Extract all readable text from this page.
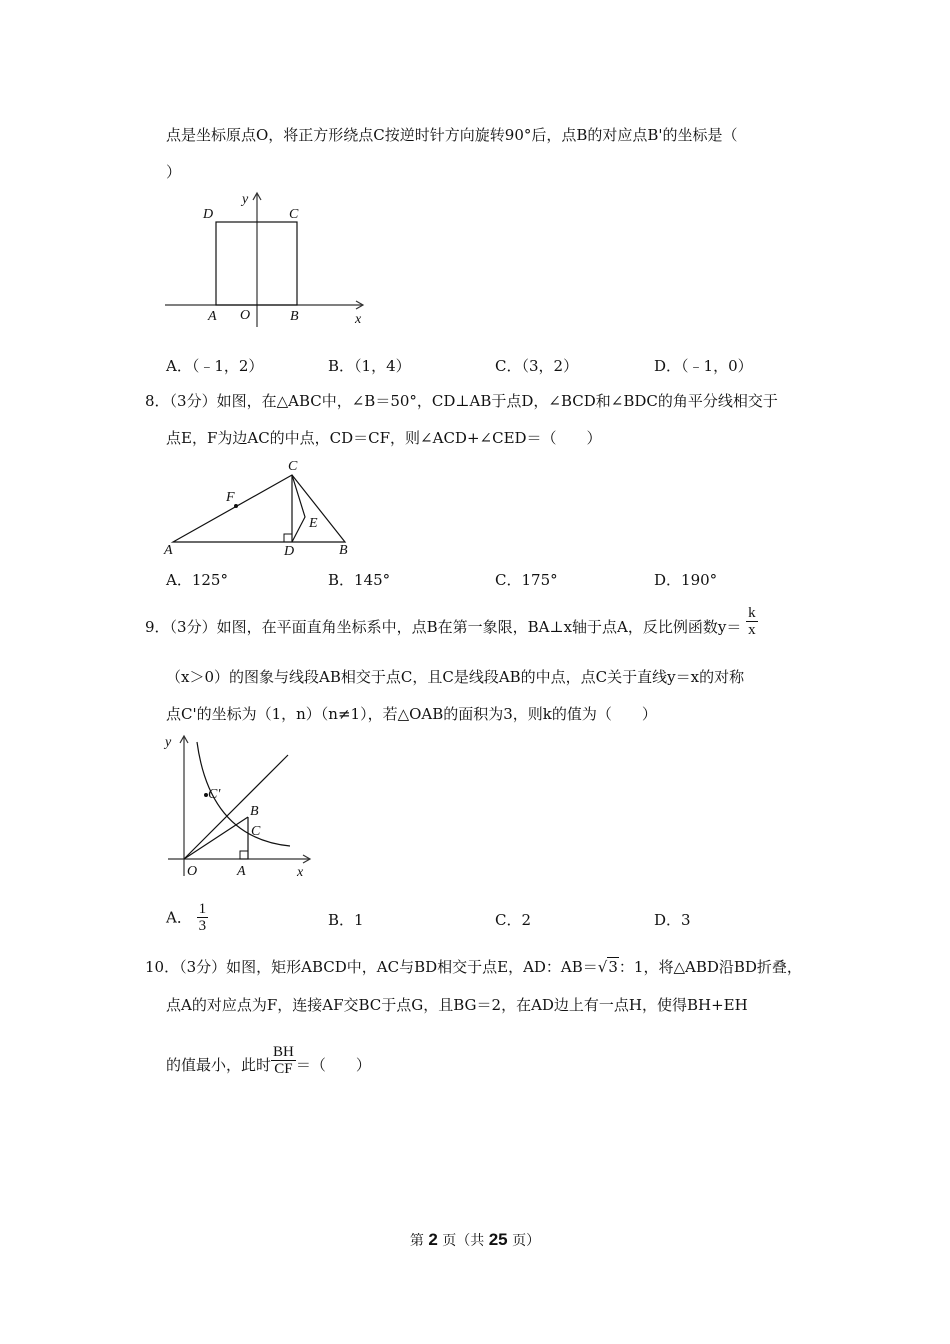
点是坐标原点O，将正方形绕点C按逆时针方向旋转90°后，点B的对应点B'的坐标是（
）
y
x
D	C
A O	B
A．（﹣1，2）	B．（1，4）	C．（3，2）	D．（﹣1，0）
8．（3分）如图，在△ABC中，∠B＝50°，CD⊥AB于点D，∠BCD和∠BDC的角平分线相交于
点E，F为边AC的中点，CD＝CF，则∠ACD+∠CED＝（　　）
C
F
E
A	D	B
A．125°	B．145°	C．175°	D．190°
9．（3分）如图，在平面直角坐标系中，点B在第一象限，BA⊥x轴于点A，反比例函数$y= \frac{k}{x}$
（x＞0）的图象与线段AB相交于点C，且C是线段AB的中点，点C关于直线y＝x的对称
点C'的坐标为（1，n）（n≠1），若△OAB的面积为3，则k的值为（　　）
y
x
C'
B
C
O	A
A． $\frac{1}{3}$	B．1	C．2	D．3
10．（3分）如图，矩形ABCD中，AC与BD相交于点E，AD：AB＝√3：1，将△ABD沿BD折叠，
点A的对应点为F，连接AF交BC于点G，且BG＝2，在AD边上有一点H，使得BH+EH
的值最小，此时 $\frac{BH}{CF}$ ＝（　　）
第 2 页（共 25 页）
